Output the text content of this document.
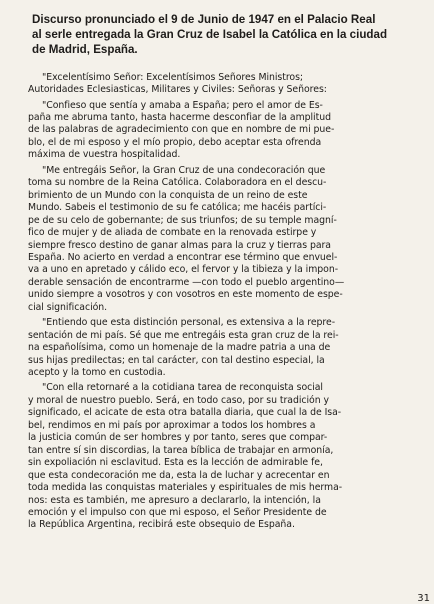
Discurso pronunciado el 9 de Junio de 1947 en el Palacio Real
al serle entregada la Gran Cruz de Isabel la Católica en la ciudad
de Madrid, España.
"Excelentísimo Señor: Excelentísimos Señores Ministros;
Autoridades Eclesiasticas, Militares y Civiles: Señoras y Señores:
"Confieso que sentía y amaba a España; pero el amor de Es-
paña me abruma tanto, hasta hacerme desconfiar de la amplitud
de las palabras de agradecimiento con que en nombre de mi pue-
blo, el de mi esposo y el mío propio, debo aceptar esta ofrenda
máxima de vuestra hospitalidad.
"Me entregáis Señor, la Gran Cruz de una condecoración que
toma su nombre de la Reina Católica. Colaboradora en el descu-
brimiento de un Mundo con la conquista de un reino de este
Mundo. Sabeis el testimonio de su fe católica; me hacéis partíci-
pe de su celo de gobernante; de sus triunfos; de su temple magní-
fico de mujer y de aliada de combate en la renovada estirpe y
siempre fresco destino de ganar almas para la cruz y tierras para
España. No acierto en verdad a encontrar ese término que envuel-
va a uno en apretado y cálido eco, el fervor y la tibieza y la impon-
derable sensación de encontrarme —con todo el pueblo argentino—
unido siempre a vosotros y con vosotros en este momento de espe-
cial significación.
"Entiendo que esta distinción personal, es extensiva a la repre-
sentación de mi país. Sé que me entregáis esta gran cruz de la rei-
na españolísima, como un homenaje de la madre patria a una de
sus hijas predilectas; en tal carácter, con tal destino especial, la
acepto y la tomo en custodia.
"Con ella retornaré a la cotidiana tarea de reconquista social
y moral de nuestro pueblo. Será, en todo caso, por su tradición y
significado, el acicate de esta otra batalla diaria, que cual la de Isa-
bel, rendimos en mi país por aproximar a todos los hombres a
la justicia común de ser hombres y por tanto, seres que compar-
tan entre sí sin discordias, la tarea bíblica de trabajar en armonía,
sin expoliación ni esclavitud. Esta es la lección de admirable fe,
que esta condecoración me da, esta la de luchar y acrecentar en
toda medida las conquistas materiales y espirituales de mis herma-
nos: esta es también, me apresuro a declararlo, la intención, la
emoción y el impulso con que mi esposo, el Señor Presidente de
la República Argentina, recibirá este obsequio de España.
31
